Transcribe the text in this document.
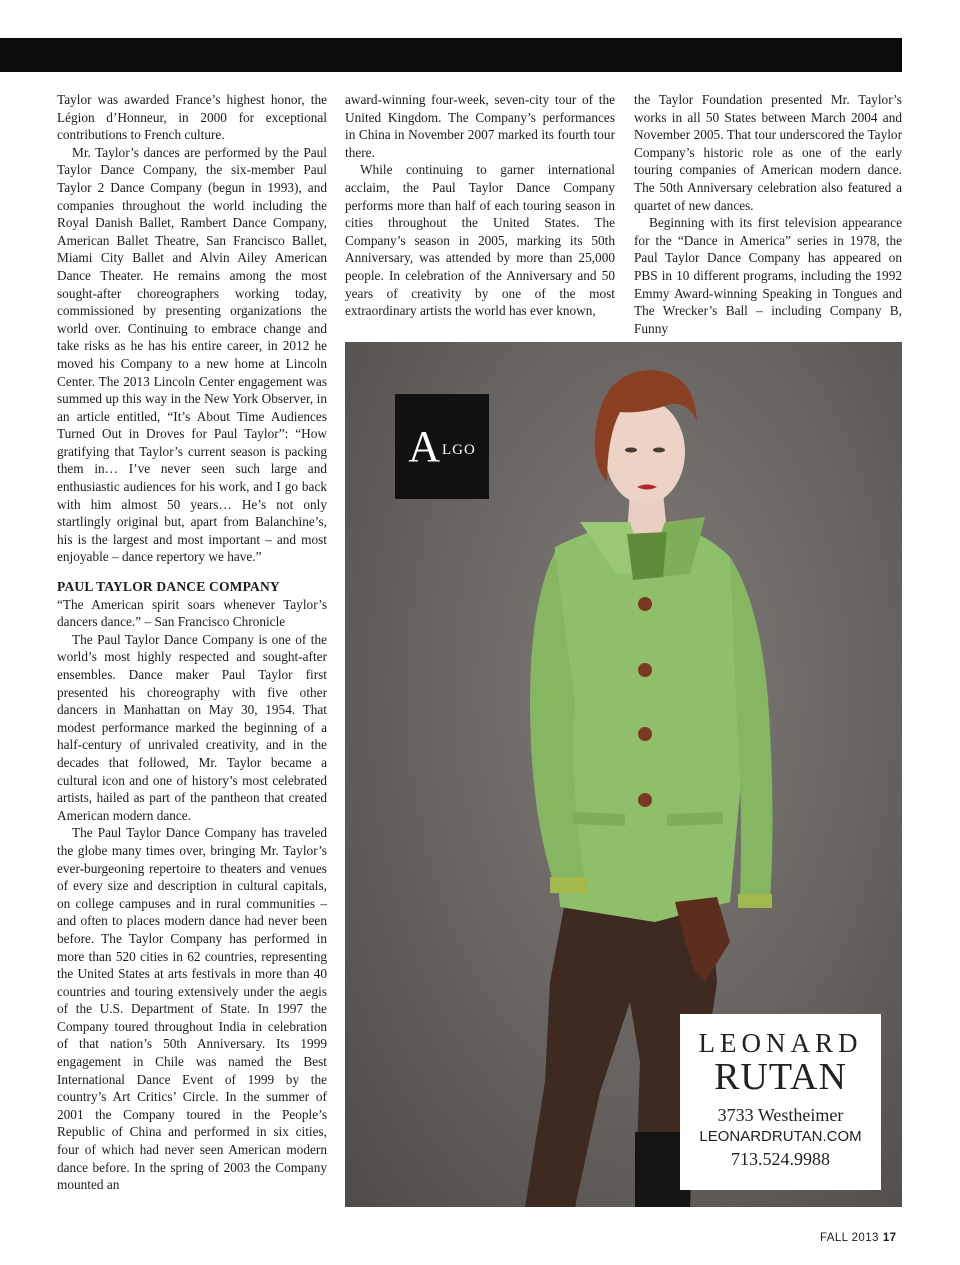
Taylor was awarded France’s highest honor, the Légion d’Honneur, in 2000 for exceptional contributions to French culture.

Mr. Taylor’s dances are performed by the Paul Taylor Dance Company, the six-member Paul Taylor 2 Dance Company (begun in 1993), and companies throughout the world including the Royal Danish Ballet, Rambert Dance Company, American Ballet Theatre, San Francisco Ballet, Miami City Ballet and Alvin Ailey American Dance Theater. He remains among the most sought-after choreographers working today, commissioned by presenting organizations the world over. Continuing to embrace change and take risks as he has his entire career, in 2012 he moved his Company to a new home at Lincoln Center. The 2013 Lincoln Center engagement was summed up this way in the New York Observer, in an article entitled, “It’s About Time Audiences Turned Out in Droves for Paul Taylor”: “How gratifying that Taylor’s current season is packing them in… I’ve never seen such large and enthusiastic audiences for his work, and I go back with him almost 50 years… He’s not only startlingly original but, apart from Balanchine’s, his is the largest and most important – and most enjoyable – dance repertory we have.”

PAUL TAYLOR DANCE COMPANY

“The American spirit soars whenever Taylor’s dancers dance.” – San Francisco Chronicle

The Paul Taylor Dance Company is one of the world’s most highly respected and sought-after ensembles. Dance maker Paul Taylor first presented his choreography with five other dancers in Manhattan on May 30, 1954. That modest performance marked the beginning of a half-century of unrivaled creativity, and in the decades that followed, Mr. Taylor became a cultural icon and one of history’s most celebrated artists, hailed as part of the pantheon that created American modern dance.

The Paul Taylor Dance Company has traveled the globe many times over, bringing Mr. Taylor’s ever-burgeoning repertoire to theaters and venues of every size and description in cultural capitals, on college campuses and in rural communities – and often to places modern dance had never been before. The Taylor Company has performed in more than 520 cities in 62 countries, representing the United States at arts festivals in more than 40 countries and touring extensively under the aegis of the U.S. Department of State. In 1997 the Company toured throughout India in celebration of that nation’s 50th Anniversary. Its 1999 engagement in Chile was named the Best International Dance Event of 1999 by the country’s Art Critics’ Circle. In the summer of 2001 the Company toured in the People’s Republic of China and performed in six cities, four of which had never seen American modern dance before. In the spring of 2003 the Company mounted an

award-winning four-week, seven-city tour of the United Kingdom. The Company’s performances in China in November 2007 marked its fourth tour there.

While continuing to garner international acclaim, the Paul Taylor Dance Company performs more than half of each touring season in cities throughout the United States. The Company’s season in 2005, marking its 50th Anniversary, was attended by more than 25,000 people. In celebration of the Anniversary and 50 years of creativity by one of the most extraordinary artists the world has ever known,

the Taylor Foundation presented Mr. Taylor’s works in all 50 States between March 2004 and November 2005. That tour underscored the Taylor Company’s historic role as one of the early touring companies of American modern dance. The 50th Anniversary celebration also featured a quartet of new dances.

Beginning with its first television appearance for the “Dance in America” series in 1978, the Paul Taylor Dance Company has appeared on PBS in 10 different programs, including the 1992 Emmy Award-winning Speaking in Tongues and The Wrecker’s Ball – including Company B, Funny

A LGO
LEONARD
RUTAN
3733 Westheimer
LEONARDRUTAN.COM
713.524.9988
FALL 2013 17
